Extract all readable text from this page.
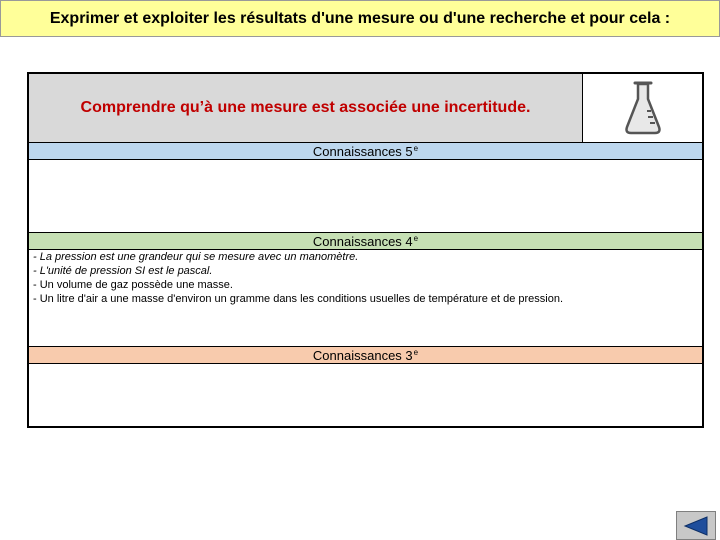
Exprimer et exploiter les résultats d'une mesure ou d'une recherche et pour cela :
Comprendre qu’à une mesure est associée une incertitude.
Connaissances 5e
Connaissances 4e
- La pression est une grandeur qui se mesure avec un manomètre.
- L'unité de pression SI est le pascal.
- Un volume de gaz possède une masse.
- Un litre d'air a une masse d'environ un gramme dans les conditions usuelles de température et de pression.
Connaissances 3e
